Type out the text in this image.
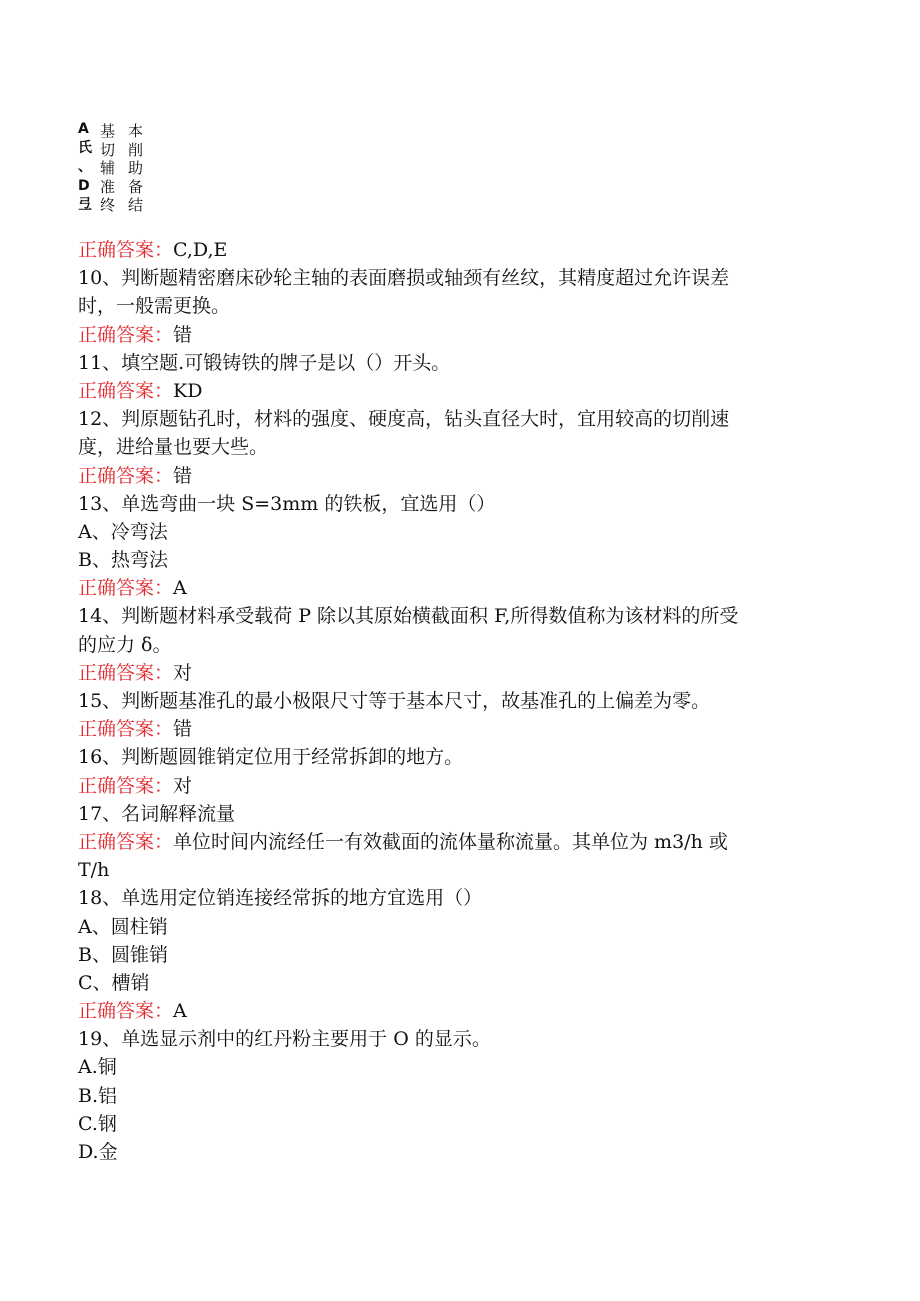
A
氏
、D
弖
基
切
辅
准
终
本
削
助
备
结
正确答案：C,D,E
10、判断题精密磨床砂轮主轴的表面磨损或轴颈有丝纹，其精度超过允许误差
时，一般需更换。
正确答案：错
11、填空题.可锻铸铁的牌子是以（）开头。
正确答案：KD
12、判原题钻孔时，材料的强度、硬度高，钻头直径大时，宜用较高的切削速
度，进给量也要大些。
正确答案：错
13、单选弯曲一块 S=3mm 的铁板，宜选用（）
A、冷弯法
B、热弯法
正确答案：A
14、判断题材料承受载荷 P 除以其原始横截面积 F,所得数值称为该材料的所受
的应力 δ。
正确答案：对
15、判断题基准孔的最小极限尺寸等于基本尺寸，故基准孔的上偏差为零。
正确答案：错
16、判断题圆锥销定位用于经常拆卸的地方。
正确答案：对
17、名词解释流量
正确答案：单位时间内流经任一有效截面的流体量称流量。其单位为 m3/h 或
T/h
18、单选用定位销连接经常拆的地方宜选用（）
A、圆柱销
B、圆锥销
C、槽销
正确答案：A
19、单选显示剂中的红丹粉主要用于 O 的显示。
A.铜
B.铝
C.钢
D.金
